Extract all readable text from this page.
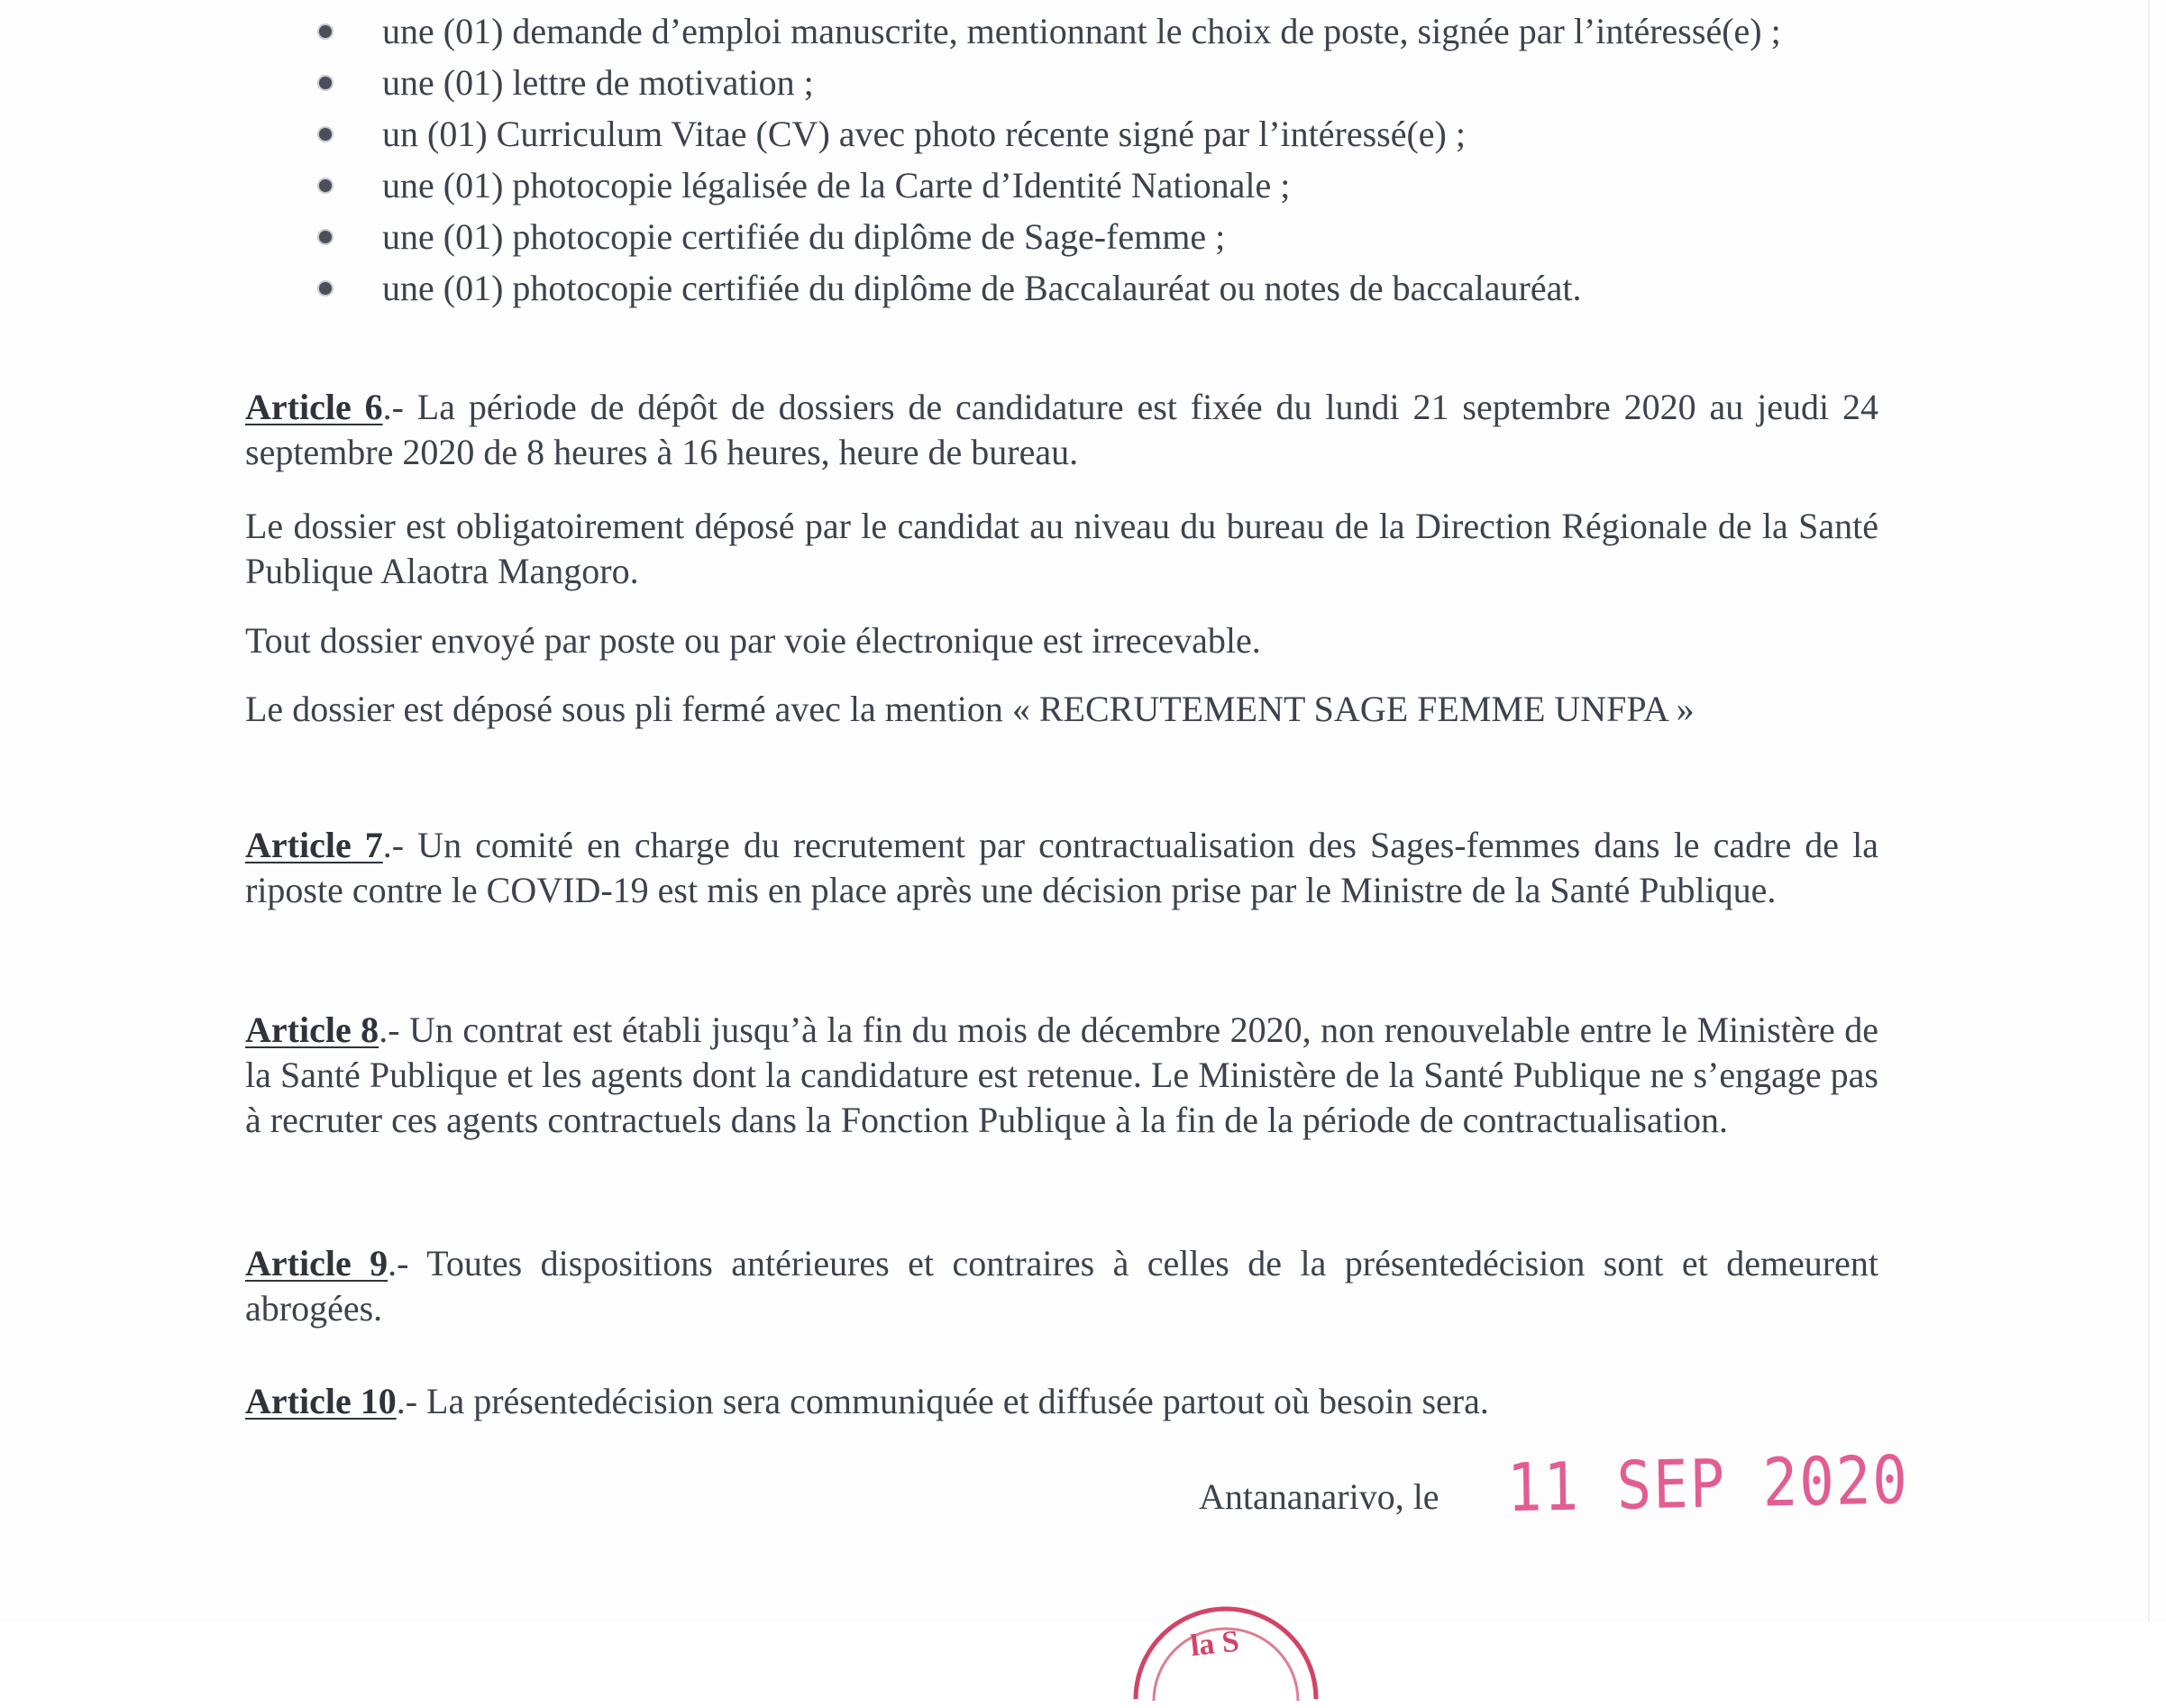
une (01) demande d’emploi manuscrite, mentionnant le choix de poste, signée par l’intéressé(e) ;
une (01) lettre de motivation ;
un (01) Curriculum Vitae (CV) avec photo récente signé par l’intéressé(e) ;
une (01) photocopie légalisée de la Carte d’Identité Nationale ;
une (01) photocopie certifiée du diplôme de Sage-femme ;
une (01) photocopie certifiée du diplôme de Baccalauréat ou notes de baccalauréat.

Article 6.- La période de dépôt de dossiers de candidature est fixée du lundi 21 septembre 2020 au jeudi 24 septembre 2020 de 8 heures à 16 heures, heure de bureau.

Le dossier est obligatoirement déposé par le candidat au niveau du bureau de la Direction Régionale de la Santé Publique Alaotra Mangoro.

Tout dossier envoyé par poste ou par voie électronique est irrecevable.

Le dossier est déposé sous pli fermé avec la mention « RECRUTEMENT SAGE FEMME UNFPA »

Article 7.- Un comité en charge du recrutement par contractualisation des Sages-femmes dans le cadre de la riposte contre le COVID-19 est mis en place après une décision prise par le Ministre de la Santé Publique.

Article 8.- Un contrat est établi jusqu’à la fin du mois de décembre 2020, non renouvelable entre le Ministère de la Santé Publique et les agents dont la candidature est retenue. Le Ministère de la Santé Publique ne s’engage pas à recruter ces agents contractuels dans la Fonction Publique à la fin de la période de contractualisation.

Article 9.- Toutes dispositions antérieures et contraires à celles de la présentedécision sont et demeurent abrogées.

Article 10.- La présentedécision sera communiquée et diffusée partout où besoin sera.

Antananarivo, le 11 SEP 2020
la S
